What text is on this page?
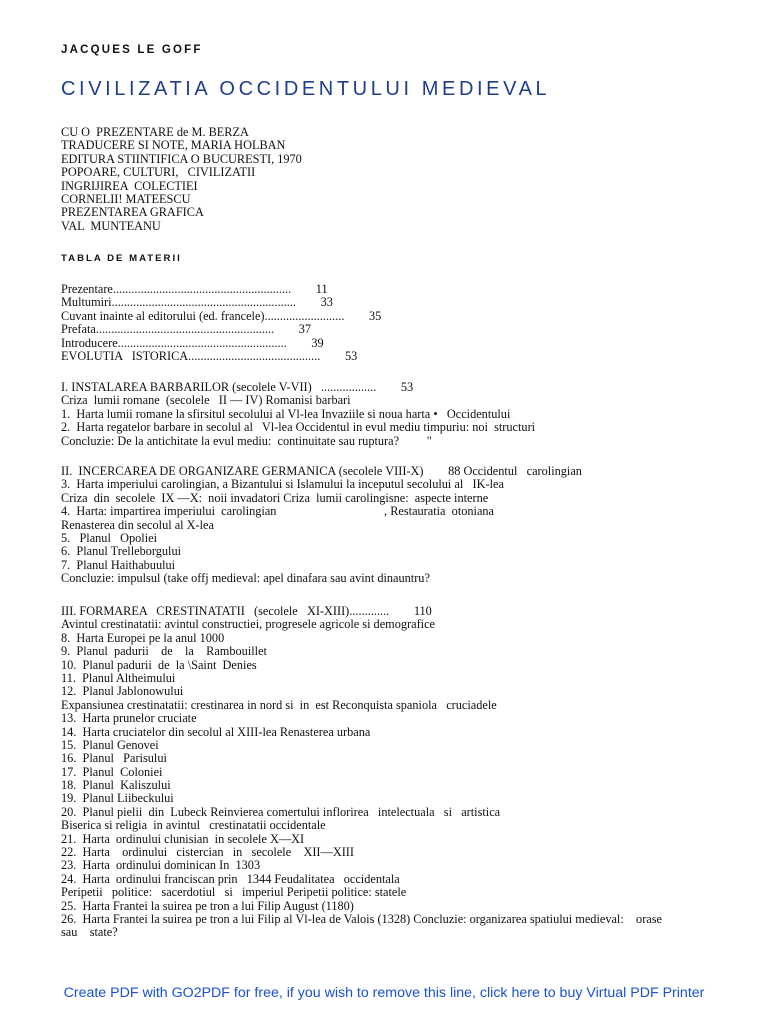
JACQUES LE GOFF
CIVILIZATIA OCCIDENTULUI MEDIEVAL
CU O  PREZENTARE de M. BERZA
TRADUCERE SI NOTE, MARIA HOLBAN
EDITURA STIINTIFICA O BUCURESTI, 1970
POPOARE, CULTURI,   CIVILIZATII
INGRIJIREA  COLECTIEI
CORNELII! MATEESCU
PREZENTAREA GRAFICA
VAL  MUNTEANU
TABLA DE MATERII
Prezentare..........................................................        11
Multumiri............................................................        33
Cuvant inainte al editorului (ed. francele)..........................        35
Prefata..........................................................        37
Introducere.......................................................        39
EVOLUTIA   ISTORICA...........................................        53
I. INSTALAREA BARBARILOR (secolele V-VII)   ..................        53
Criza  lumii romane  (secolele   II — IV) Romanisi barbari
1.  Harta lumii romane la sfirsitul secolului al Vl-lea Invaziile si noua harta •   Occidentului
2.  Harta regatelor barbare in secolul al   Vl-lea Occidentul in evul mediu timpuriu: noi  structuri
Concluzie: De la antichitate la evul mediu:  continuitate sau ruptura?         "
II.  INCERCAREA DE ORGANIZARE GERMANICA (secolele VIII-X)        88 Occidentul   carolingian
3.  Harta imperiului carolingian, a Bizantului si Islamului la inceputul secolului al   IK-lea
Criza  din  secolele  IX —X:  noii invadatori Criza  lumii carolingisne:  aspecte interne
4.  Harta: impartirea imperiului  carolingian                                   , Restauratia  otoniana
Renasterea din secolul al X-lea
5.   Planul   Opoliei
6.  Planul Trelleborgului
7.  Planul Haithabuului
Concluzie: impulsul (take offj medieval: apel dinafara sau avint dinauntru?
III. FORMAREA   CRESTINATATII   (secolele   XI-XIII).............        110
Avintul crestinatatii: avintul constructiei, progresele agricole si demografice
8.  Harta Europei pe la anul 1000
9.  Planul  padurii    de    la    Rambouillet
10.  Planul padurii  de  la \Saint  Denies
11.  Planul Altheimului
12.  Planul Jablonowului
Expansiunea crestinatatii: crestinarea in nord si  in  est Reconquista spaniola   cruciadele
13.  Harta prunelor cruciate
14.  Harta cruciatelor din secolul al XIII-lea Renasterea urbana
15.  Planul Genovei
16.  Planul   Parisului
17.  Planul  Coloniei
18.  Planul  Kaliszului
19.  Planul Liibeckului
20.  Planul pielii  din  Lubeck Reinvierea comertului inflorirea   intelectuala   si   artistica
Biserica si religia  in avintul   crestinatatii occidentale
21.  Harta  ordinului clunisian  in secolele X—XI
22.  Harta    ordinului   cistercian   in   secolele    XII—XIII
23.  Harta  ordinului dominican In  1303
24.  Harta  ordinului franciscan prin   1344 Feudalitatea   occidentala
Peripetii   politice:   sacerdotiul   si   imperiul Peripetii politice: statele
25.  Harta Frantei la suirea pe tron a lui Filip August (1180)
26.  Harta Frantei la suirea pe tron a lui Filip al Vl-lea de Valois (1328) Concluzie: organizarea spatiului medieval:    orase
sau    state?
Create PDF with GO2PDF for free, if you wish to remove this line, click here to buy Virtual PDF Printer
